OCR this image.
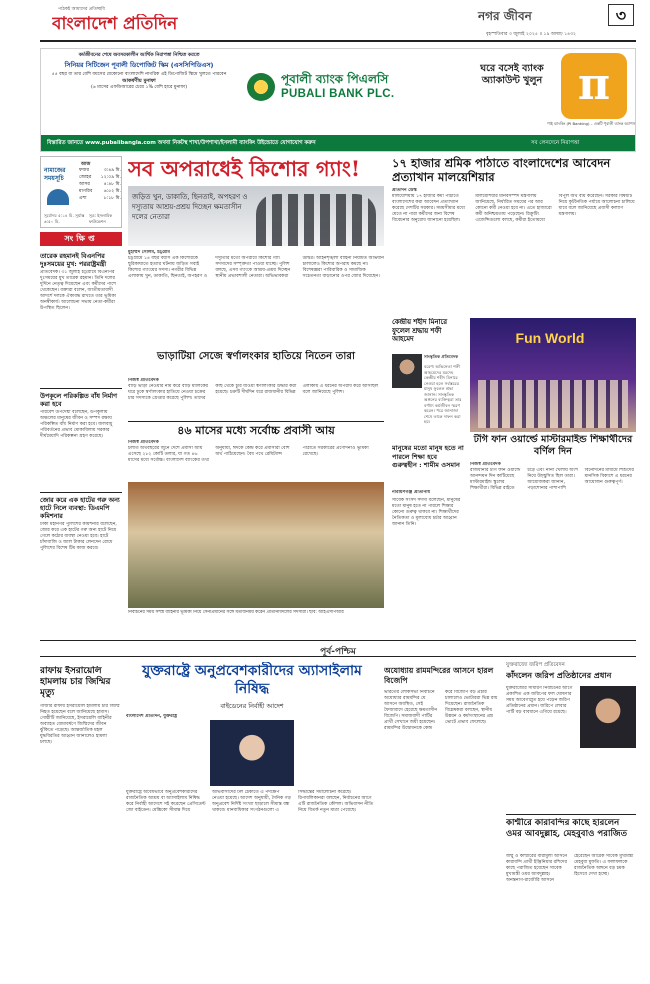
পাঠকই আমাদের প্রতিচ্ছবি
বাংলাদেশ প্রতিদিন	নগর জীবন	৩
বৃহস্পতিবার ৩ জুলাই ২০২৫ ॥ ১৯ আষাঢ় ১৪৩২
কর্মজীবনের শেষে অবসরকালীন আর্থিক নিরাপত্তা নিশ্চিত করতে
সিনিয়র সিটিজেন পূবালী ডিপোজিট স্কিম (এসসিপিডিএস)
৫৫ বছর বা তার বেশি বয়সের যেকোনো বাংলাদেশি নাগরিক এই ডিপোজিট স্কিমে খুলতে পারবেন
আকর্ষণীয় মুনাফা
(৬ মাসের এফডিআরের চেয়ে ১% বেশি হারে মুনাফা)
পূবালী ব্যাংক পিএলসি
PUBALI BANK PLC.
ঘরে বসেই ব্যাংক অ্যাকাউন্ট খুলুন π
পাই ব্যাংকিং (PI Banking) – একটি পূবালী ব্যাংক অ্যাপস
বিস্তারিত জানতে www.pubalibangla.com অথবা নিকটস্থ শাখা/উপশাখা/ইসলামী ব্যাংকিং উইন্ডোতে যোগাযোগ করুন	সব লেনদেনে নিরাপত্তা
নামাজের সময়সূচি
আজ
ফজর	৩:৪৯ মি.
জোহর ১২:০৯ মি.
আসর	৪:৪৮ মি.
মাগরিব ৬:৫২ মি.
এশা	৮:১৮ মি.
সূর্যোদয় ৫:১৪ মি. সূর্যাস্ত ৬:৫০ মি.
সূত্র: ইসলামিক ফাউন্ডেশন
সংক্ষিপ্ত
তারেক রহমানই বিএনপির দুঃসময়ের মুখ: পররাষ্ট্রমন্ত্রী
প্রতিবেদক। ৩১ জুলাই চট্টগ্রামে বিএনপির দুঃসময়ের মুখ তারেক রহমান। তিনি দলের দুর্দিনে নেতৃত্ব দিয়েছেন এবং কর্মীদের পাশে থেকেছেন। বক্তারা বলেন, জাতীয়তাবাদী আদর্শে দলকে ঐক্যবদ্ধ রাখতে তার ভূমিকা অনস্বীকার্য। আলোচনা সভায় নেতা-কর্মীরা উপস্থিত ছিলেন।
উপকূলে পরিকল্পিত বাঁধ নির্মাণ করা হবে
পরিবেশ উপদেষ্টা বলেছেন, উপকূলীয় অঞ্চলের মানুষের জীবন ও সম্পদ রক্ষায় পরিকল্পিত বাঁধ নির্মাণ করা হবে। জলবায়ু পরিবর্তনের প্রভাব মোকাবিলায় সরকার দীর্ঘমেয়াদি পরিকল্পনা গ্রহণ করেছে।
জোর করে এক হাটের গরু অন্য হাটে নিলে ব্যবস্থা: ডিএমপি কমিশনার
ঢাকা মহানগর পুলিশের কমিশনার বলেছেন, জোর করে এক হাটের গরু অন্য হাটে নিয়ে গেলে কঠোর ব্যবস্থা নেওয়া হবে। হাটে চাঁদাবাজি ও জাল টাকার লেনদেন রোধে পুলিশের বিশেষ টিম কাজ করবে।
সব অপরাধেই কিশোর গ্যাং!
জড়িত খুন, ডাকাতি, ছিনতাই, অপহরণ ও দস্যুতায় আশ্রয়-প্রশ্রয় দিচ্ছেন ক্ষমতাসীন দলের নেতারা
মুহাম্মদ সেলিম, চট্টগ্রাম
চট্টগ্রামে ১৪ বছর বয়সি এক কিশোরকে ছুরিকাঘাতে হত্যার ঘটনায় জড়িত সবাই কিশোর গ্যাংয়ের সদস্য। নগরীর বিভিন্ন এলাকায় খুন, ডাকাতি, ছিনতাই, অপহরণ ও দস্যুতার মতো অপরাধে কিশোর গ্যাং সদস্যদের সম্পৃক্ততা পাওয়া যাচ্ছে। পুলিশ বলছে, এসব গ্যাংকে আশ্রয়-প্রশ্রয় দিচ্ছেন স্থানীয় প্রভাবশালী নেতারা। অভিভাবকরা উদ্বিগ্ন। আইনশৃঙ্খলা বাহিনী নিয়মিত অভিযান চালালেও কিশোর অপরাধ কমছে না। বিশেষজ্ঞরা পারিবারিক ও সামাজিক সচেতনতা বাড়ানোর ওপর জোর দিয়েছেন।
ভাড়াটিয়া সেজে স্বর্ণালংকার হাতিয়ে নিতেন তারা
নিজস্ব প্রতিবেদক
বাড়ি ভাড়া নেওয়ার নাম করে বাড়ি মালিকের ঘরে ঢুকে স্বর্ণালংকার হাতিয়ে নেওয়া চক্রের চার সদস্যকে গ্রেপ্তার করেছে পুলিশ। তাদের কাছ থেকে চুরি যাওয়া স্বর্ণালংকার উদ্ধার করা হয়েছে। চক্রটি দীর্ঘদিন ধরে রাজধানীর বিভিন্ন এলাকায় এ ধরনের অপরাধ করে আসছিল বলে জানিয়েছে পুলিশ।
৪৬ মাসের মধ্যে সর্বোচ্চ প্রবাসী আয়
নিজস্ব প্রতিবেদক
চলতি অর্থবছরের জুনে দেশে প্রবাসী আয় এসেছে ২৮২ কোটি ডলার, যা গত ৪৬ মাসের মধ্যে সর্বোচ্চ। বাংলাদেশ ব্যাংকের তথ্য অনুযায়ী, ঈদকে কেন্দ্র করে প্রবাসীরা বেশি অর্থ পাঠিয়েছেন। বৈধ পথে রেমিট্যান্স পাঠাতে সরকারের প্রণোদনাও ভূমিকা রেখেছে।
নির্বাচনের সময় সশস্ত্র বাহিনীর ভূমিকা নিয়ে সেনাপ্রধানের সঙ্গে মতবিনিময় করেন প্রতিনিধিদলের সদস্যরা। ছবি: আইএসপিআর
১৭ হাজার শ্রমিক পাঠাতে বাংলাদেশের আবেদন প্রত্যাখান মালয়েশিয়ার
প্রতিদিন ডেস্ক
মালয়েশিয়ায় ১৭ হাজার কর্মী পাঠাতে বাংলাদেশের করা আবেদন প্রত্যাখ্যান করেছে দেশটির সরকার। সময়সীমার মধ্যে যেতে না পারা কর্মীদের জন্য বিশেষ বিবেচনার অনুরোধ জানানো হয়েছিল। মালয়েশিয়ার মানবসম্পদ মন্ত্রণালয় জানিয়েছে, নির্ধারিত সময়ের পর আর কোনো কর্মী নেওয়া হবে না। এতে হাজারো কর্মী অনিশ্চয়তায় পড়েছেন। রিক্রুটিং এজেন্সিগুলো বলছে, কর্মীরা ইতোমধ্যে বিপুল অর্থ ব্যয় করেছেন। সরকার বিষয়টি নিয়ে কূটনৈতিক পর্যায়ে আলোচনা চালিয়ে যাবে বলে জানিয়েছে প্রবাসী কল্যাণ মন্ত্রণালয়।
কেন্দ্রীয় শহীদ মিনারে ফুলেল শ্রদ্ধায় শফী আহমেদ
সাংস্কৃতিক প্রতিবেদক
বরেণ্য অভিনেতা শফী আহমেদের মরদেহ কেন্দ্রীয় শহীদ মিনারে নেওয়া হলে সর্বস্তরের মানুষ ফুলেল শ্রদ্ধা জানান। সাংস্কৃতিক অঙ্গনের ব্যক্তিত্বরা তার বর্ণাঢ্য কর্মজীবন স্মরণ করেন। পরে জানাজা শেষে তাকে দাফন করা হয়।
মানুষের মতো মানুষ হতে না পারলে শিক্ষা হবে গুরুত্বহীন : শামীম ওসমান
নারায়ণগঞ্জ প্রতিনিধি
সাবেক সংসদ সদস্য বলেছেন, মানুষের মতো মানুষ হতে না পারলে শিক্ষার কোনো গুরুত্ব থাকবে না। শিক্ষার্থীদের নৈতিকতা ও মূল্যবোধ চর্চার আহ্বান জানান তিনি।
Fun World
টগি ফান ওয়ার্ল্ডে মাস্টারমাইন্ড শিক্ষার্থীদের বর্ণিল দিন
নিজস্ব প্রতিবেদক
রাজধানীর টগি ফান ওয়ার্ল্ডে আনন্দঘন দিন কাটিয়েছে মাস্টারমাইন্ড স্কুলের শিক্ষার্থীরা। বিভিন্ন রাইডে চড়ে এবং নানা খেলায় অংশ নিয়ে উচ্ছ্বসিত ছিল তারা। আয়োজকরা জানান, পড়াশোনার পাশাপাশি বিনোদনের মাধ্যমে শিশুদের মানসিক বিকাশে এ ধরনের আয়োজন গুরুত্বপূর্ণ।
পূর্ব-পশ্চিম
রাফায় ইসরায়েলি হামলায় চার জিম্মির মৃত্যু
গাজার রাফায় ইসরায়েলি হামলায় চার জিম্মি নিহত হয়েছেন বলে জানিয়েছে হামাস। গোষ্ঠীটি জানিয়েছে, ইসরায়েলি বাহিনীর অব্যাহত বোমাবর্ষণে জিম্মিদের জীবন ঝুঁকিতে পড়েছে। আন্তর্জাতিক মহল যুদ্ধবিরতির আহ্বান জানালেও হামলা চলছে।
যুক্তরাষ্ট্রে অনুপ্রবেশকারীদের অ্যাসাইলাম নিষিদ্ধ
বাইডেনের নির্বাহী আদেশ
বাংলাদেশ প্রতিদিন, যুক্তরাষ্ট্র
যুক্তরাষ্ট্রে অবৈধভাবে অনুপ্রবেশকারীদের রাজনৈতিক আশ্রয় বা অ্যাসাইলাম নিষিদ্ধ করে নির্বাহী আদেশে সই করেছেন প্রেসিডেন্ট জো বাইডেন। মেক্সিকো সীমান্ত দিয়ে অভিবাসীদের ঢল ঠেকাতে এ পদক্ষেপ নেওয়া হয়েছে। আদেশ অনুযায়ী, দৈনিক গড় অনুপ্রবেশ নির্দিষ্ট সংখ্যা ছাড়ালে সীমান্ত বন্ধ থাকবে। মানবাধিকার সংগঠনগুলো এ সিদ্ধান্তের সমালোচনা করেছে। রিপাবলিকানরা বলছেন, নির্বাচনের আগে এটি রাজনৈতিক কৌশল। অভিবাসন নীতি নিয়ে বিতর্ক নতুন মাত্রা পেয়েছে।
অযোধ্যায় রামমন্দিরের আসনে হারল বিজেপি
ভারতের লোকসভা নির্বাচনে অযোধ্যার রামমন্দির যে আসনে অবস্থিত, সেই ফৈজাবাদে হেরেছে ক্ষমতাসীন বিজেপি। সমাজবাদী পার্টির প্রার্থী সেখানে জয়ী হয়েছেন। রামমন্দির উদ্বোধনকে কেন্দ্র করে বিজেপি বড় প্রচার চালালেও ভোটাররা ভিন্ন রায় দিয়েছেন। রাজনৈতিক বিশ্লেষকরা বলছেন, স্থানীয় উন্নয়ন ও কর্মসংস্থানের প্রশ্ন ভোটে প্রভাব ফেলেছে।
যুক্তরাজ্যে জরিপ প্রতিবেদন
কাঁদলেন জরিপ প্রতিষ্ঠানের প্রধান
যুক্তরাজ্যের সাধারণ নির্বাচনের আগে প্রকাশিত এক জরিপের ফল ঘোষণার সময় আবেগাপ্লুত হয়ে পড়েন জরিপ প্রতিষ্ঠানের প্রধান। জরিপে লেবার পার্টি বড় ব্যবধানে এগিয়ে রয়েছে।
কাশ্মীরে কারাবন্দির কাছে হারলেন ওমর আবদুল্লাহ, মেহবুবাও পরাজিত
জম্মু ও কাশ্মীরের বারামুলা আসনে কারাবন্দি প্রার্থী ইঞ্জিনিয়ার রশিদের কাছে পরাজিত হয়েছেন সাবেক মুখ্যমন্ত্রী ওমর আবদুল্লাহ। অনন্তনাগ-রাজৌরি আসনে হেরেছেন আরেক সাবেক মুখ্যমন্ত্রী মেহবুবা মুফতি। এ ফলাফলকে রাজনৈতিক অঙ্গনে বড় চমক হিসেবে দেখা হচ্ছে।
